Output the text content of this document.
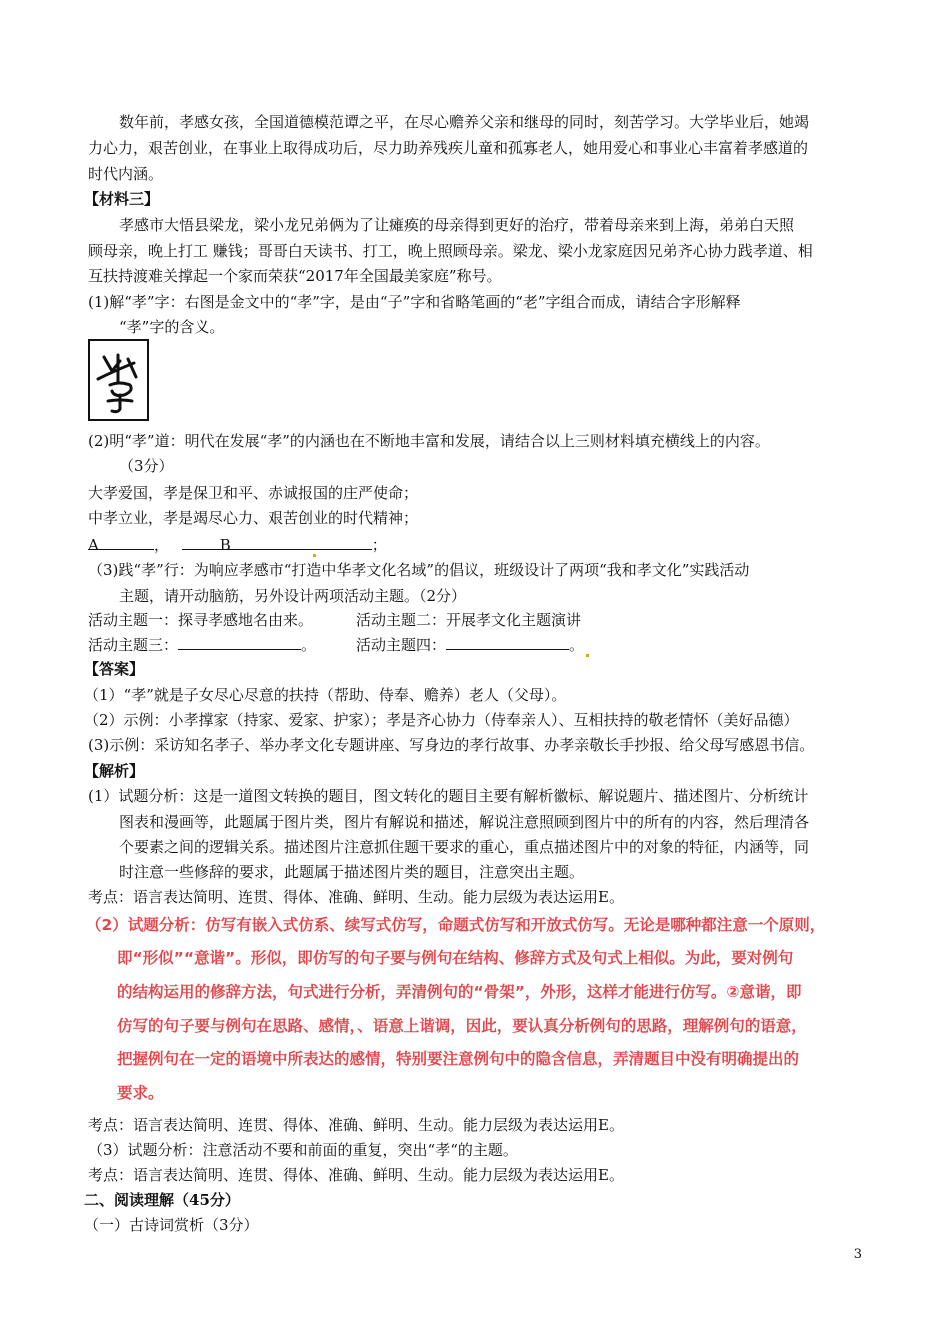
数年前，孝感女孩，全国道德模范谭之平，在尽心赡养父亲和继母的同时，刻苦学习。大学毕业后，她竭
力心力，艰苦创业，在事业上取得成功后，尽力助养残疾儿童和孤寡老人，她用爱心和事业心丰富着孝感道的
时代内涵。
【材料三】
孝感市大悟县梁龙，梁小龙兄弟俩为了让瘫痪的母亲得到更好的治疗，带着母亲来到上海，弟弟白天照
顾母亲，晚上打工 赚钱；哥哥白天读书、打工，晚上照顾母亲。梁龙、梁小龙家庭因兄弟齐心协力践孝道、相
互扶持渡难关撑起一个家而荣获“2017年全国最美家庭”称号。
(1)解“孝”字：右图是金文中的“孝”字，是由“子”字和省略笔画的“老”字组合而成，请结合字形解释
“孝”字的含义。
(2)明“孝”道：明代在发展“孝”的内涵也在不断地丰富和发展，请结合以上三则材料填充横线上的内容。
（3分）
大孝爱国，孝是保卫和平、赤诚报国的庄严使命；
中孝立业，孝是竭尽心力、艰苦创业的时代精神；
A	，	B	；
（3)践“孝”行：为响应孝感市“打造中华孝文化名域”的倡议，班级设计了两项“我和孝文化”实践活动
主题，请开动脑筋，另外设计两项活动主题。（2分）
活动主题一：探寻孝感地名由来。	活动主题二：开展孝文化主题演讲
活动主题三：	。	活动主题四：	。
【答案】
（1）“孝”就是子女尽心尽意的扶持（帮助、侍奉、赡养）老人（父母）。
（2）示例：小孝撑家（持家、爱家、护家）；孝是齐心协力（侍奉亲人）、互相扶持的敬老情怀（美好品德）
(3)示例：采访知名孝子、举办孝文化专题讲座、写身边的孝行故事、办孝亲敬长手抄报、给父母写感恩书信。
【解析】
(1）试题分析：这是一道图文转换的题目，图文转化的题目主要有解析徽标、解说题片、描述图片、分析统计
图表和漫画等，此题属于图片类，图片有解说和描述，解说注意照顾到图片中的所有的内容，然后理清各
个要素之间的逻辑关系。描述图片注意抓住题干要求的重心，重点描述图片中的对象的特征，内涵等，同
时注意一些修辞的要求，此题属于描述图片类的题目，注意突出主题。
考点：语言表达简明、连贯、得体、准确、鲜明、生动。能力层级为表达运用E。
（2）试题分析：仿写有嵌入式仿系、续写式仿写，命题式仿写和开放式仿写。无论是哪种都注意一个原则，
即“形似”“意谐”。形似，即仿写的句子要与例句在结构、修辞方式及句式上相似。为此，要对例句
的结构运用的修辞方法，句式进行分析，弄清例句的“骨架”，外形，这样才能进行仿写。②意谐，即
仿写的句子要与例句在思路、感情，、语意上谐调，因此，要认真分析例句的思路，理解例句的语意，
把握例句在一定的语境中所表达的感情，特别要注意例句中的隐含信息，弄清题目中没有明确提出的
要求。
考点：语言表达简明、连贯、得体、准确、鲜明、生动。能力层级为表达运用E。
（3）试题分析：注意活动不要和前面的重复，突出“孝“的主题。
考点：语言表达简明、连贯、得体、准确、鲜明、生动。能力层级为表达运用E。
二、阅读理解（45分）
（一）古诗词赏析（3分）
3
